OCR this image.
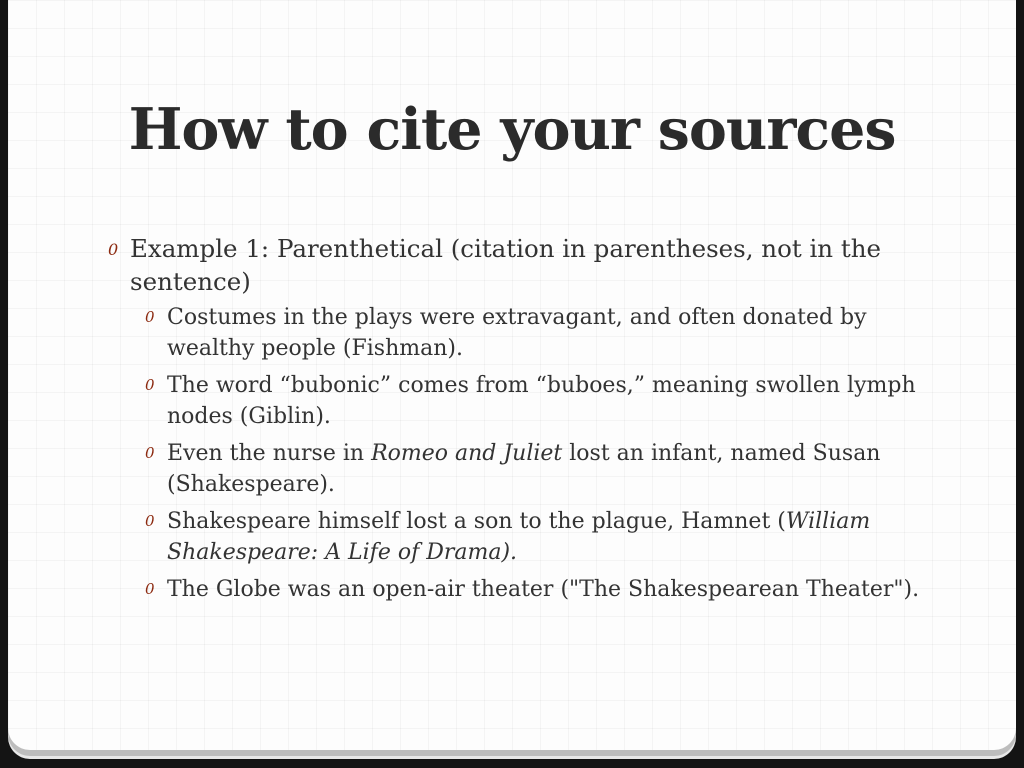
How to cite your sources
0 Example 1: Parenthetical (citation in parentheses, not in the sentence)
0 Costumes in the plays were extravagant, and often donated by wealthy people (Fishman).
0 The word “bubonic” comes from “buboes,” meaning swollen lymph nodes (Giblin).
0 Even the nurse in Romeo and Juliet lost an infant, named Susan (Shakespeare).
0 Shakespeare himself lost a son to the plague, Hamnet (William Shakespeare: A Life of Drama).
0 The Globe was an open-air theater ("The Shakespearean Theater").
